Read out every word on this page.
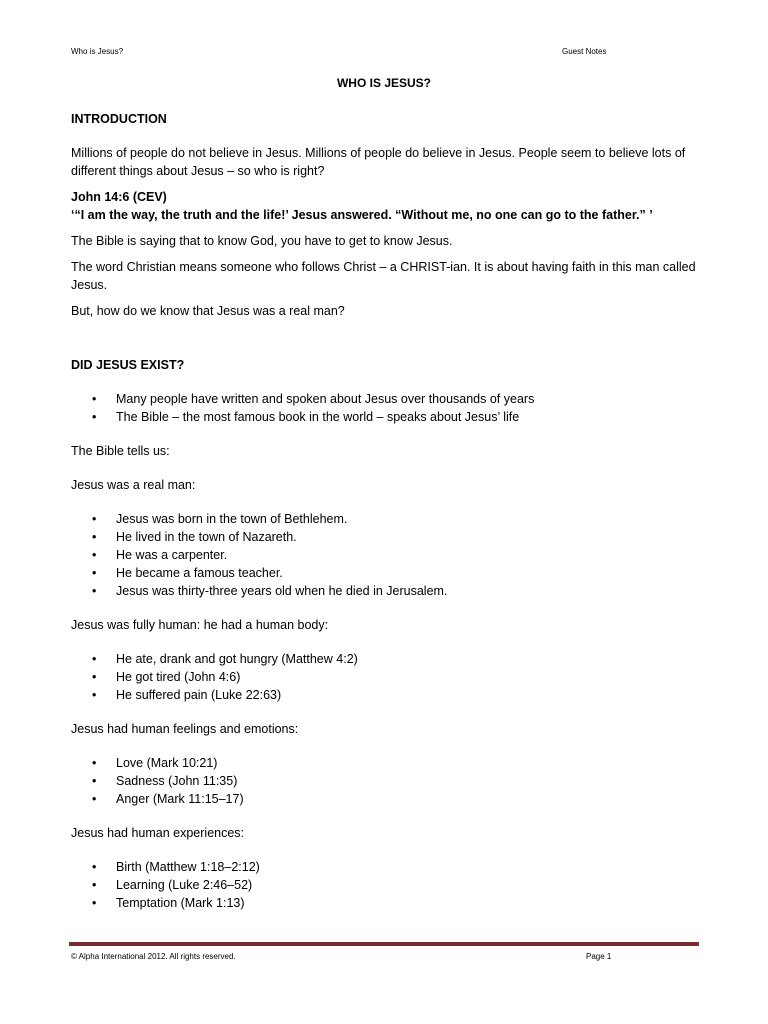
Who is Jesus?	Guest Notes
WHO IS JESUS?

INTRODUCTION

Millions of people do not believe in Jesus. Millions of people do believe in Jesus. People seem to believe lots of different things about Jesus – so who is right?

John 14:6 (CEV)

‘“I am the way, the truth and the life!’ Jesus answered. “Without me, no one can go to the father.” ’

The Bible is saying that to know God, you have to get to know Jesus.

The word Christian means someone who follows Christ – a CHRIST-ian. It is about having faith in this man called Jesus.

But, how do we know that Jesus was a real man?

DID JESUS EXIST?

• Many people have written and spoken about Jesus over thousands of years
• The Bible – the most famous book in the world – speaks about Jesus’ life

The Bible tells us:

Jesus was a real man:

• Jesus was born in the town of Bethlehem.
• He lived in the town of Nazareth.
• He was a carpenter.
• He became a famous teacher.
• Jesus was thirty-three years old when he died in Jerusalem.

Jesus was fully human: he had a human body:

• He ate, drank and got hungry (Matthew 4:2)
• He got tired (John 4:6)
• He suffered pain (Luke 22:63)

Jesus had human feelings and emotions:

• Love (Mark 10:21)
• Sadness (John 11:35)
• Anger (Mark 11:15–17)

Jesus had human experiences:

• Birth (Matthew 1:18–2:12)
• Learning (Luke 2:46–52)
• Temptation (Mark 1:13)
© Alpha International 2012. All rights reserved.	Page 1
